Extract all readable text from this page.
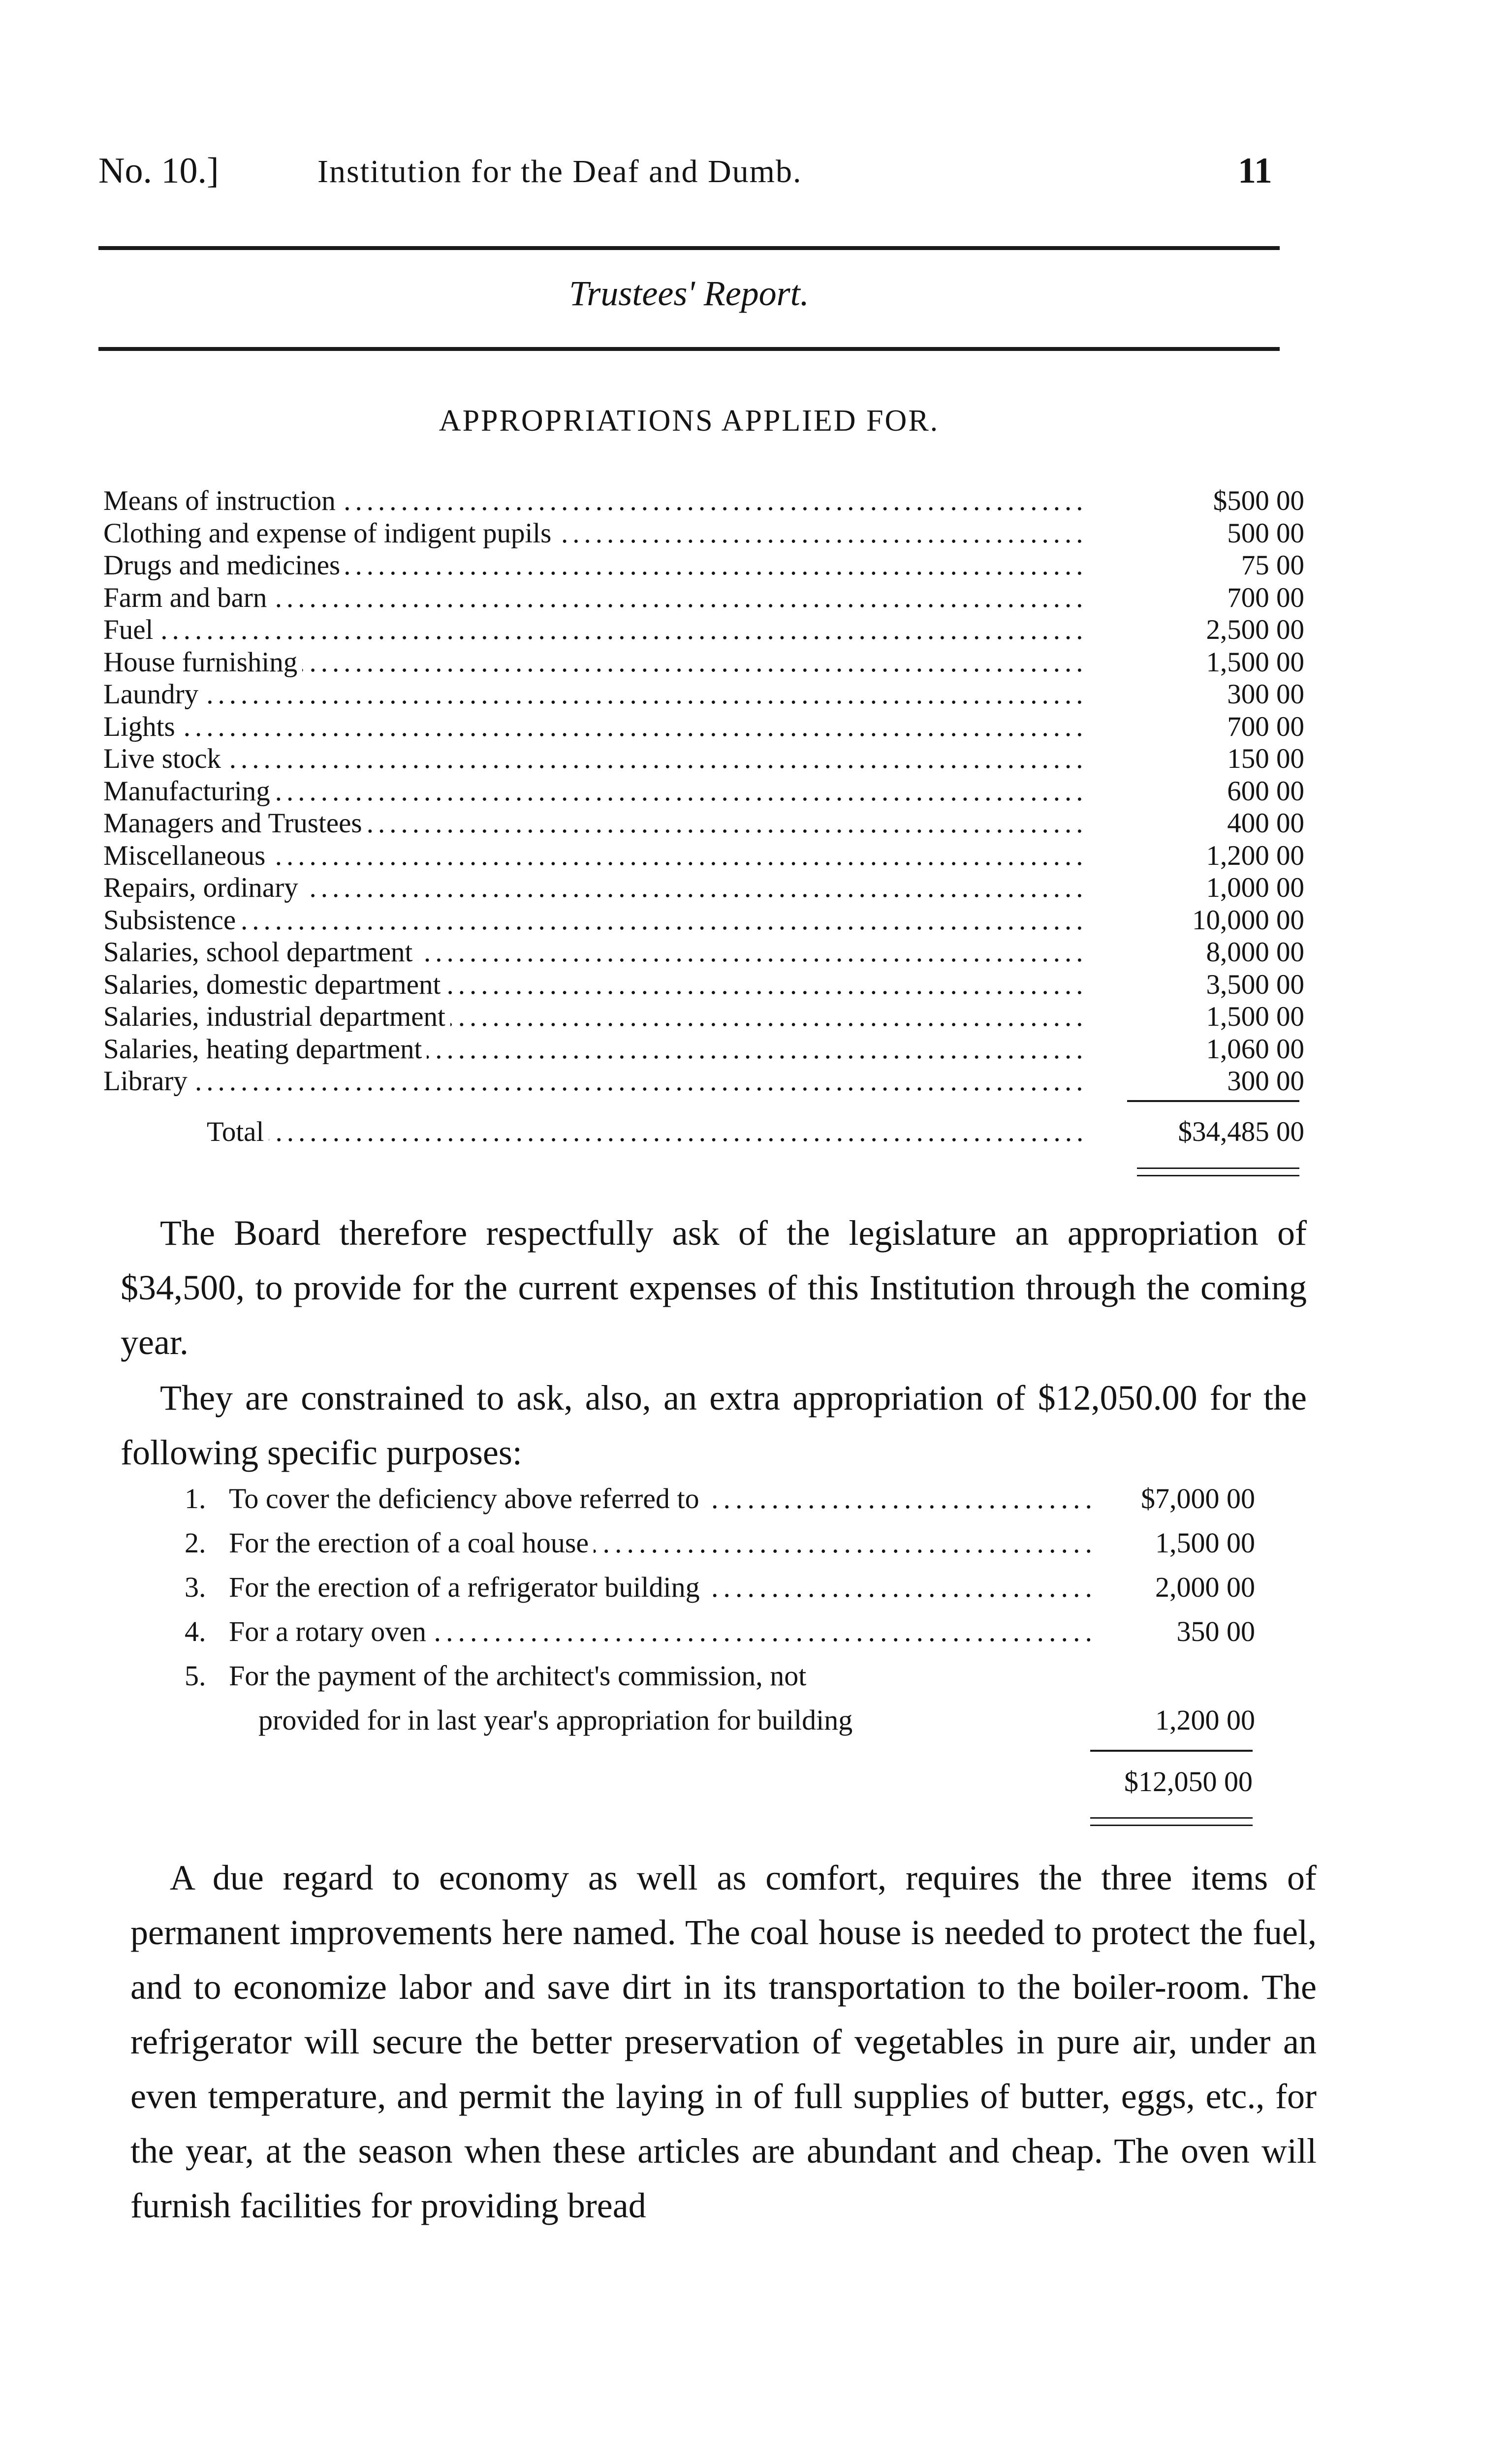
No. 10.]	Institution for the Deaf and Dumb.	11
Trustees' Report.
APPROPRIATIONS APPLIED FOR.
Means of instruction .....	$500 00
Clothing and expense of indigent pupils .....	500 00
Drugs and medicines .....	75 00
Farm and barn .....	700 00
Fuel .....	2,500 00
House furnishing .....	1,500 00
Laundry .....	300 00
Lights .....	700 00
Live stock .....	150 00
Manufacturing .....	600 00
Managers and Trustees .....	400 00
Miscellaneous .....	1,200 00
Repairs, ordinary .....	1,000 00
Subsistence .....	10,000 00
Salaries, school department .....	8,000 00
Salaries, domestic department .....	3,500 00
Salaries, industrial department .....	1,500 00
Salaries, heating department .....	1,060 00
Library .....	300 00
Total .....	$34,485 00
The Board therefore respectfully ask of the legislature an appropriation of $34,500, to provide for the current expenses of this Institution through the coming year.
They are constrained to ask, also, an extra appropriation of $12,050.00 for the following specific purposes:
1. To cover the deficiency above referred to .....	$7,000 00
2. For the erection of a coal house .....	1,500 00
3. For the erection of a refrigerator building .....	2,000 00
4. For a rotary oven .....	350 00
5. For the payment of the architect's commission, not
provided for in last year's appropriation for building	1,200 00
$12,050 00
A due regard to economy as well as comfort, requires the three items of permanent improvements here named. The coal house is needed to protect the fuel, and to economize labor and save dirt in its transportation to the boiler-room. The refrigerator will secure the better preservation of vegetables in pure air, under an even temperature, and permit the laying in of full supplies of butter, eggs, etc., for the year, at the season when these articles are abundant and cheap. The oven will furnish facilities for providing bread
